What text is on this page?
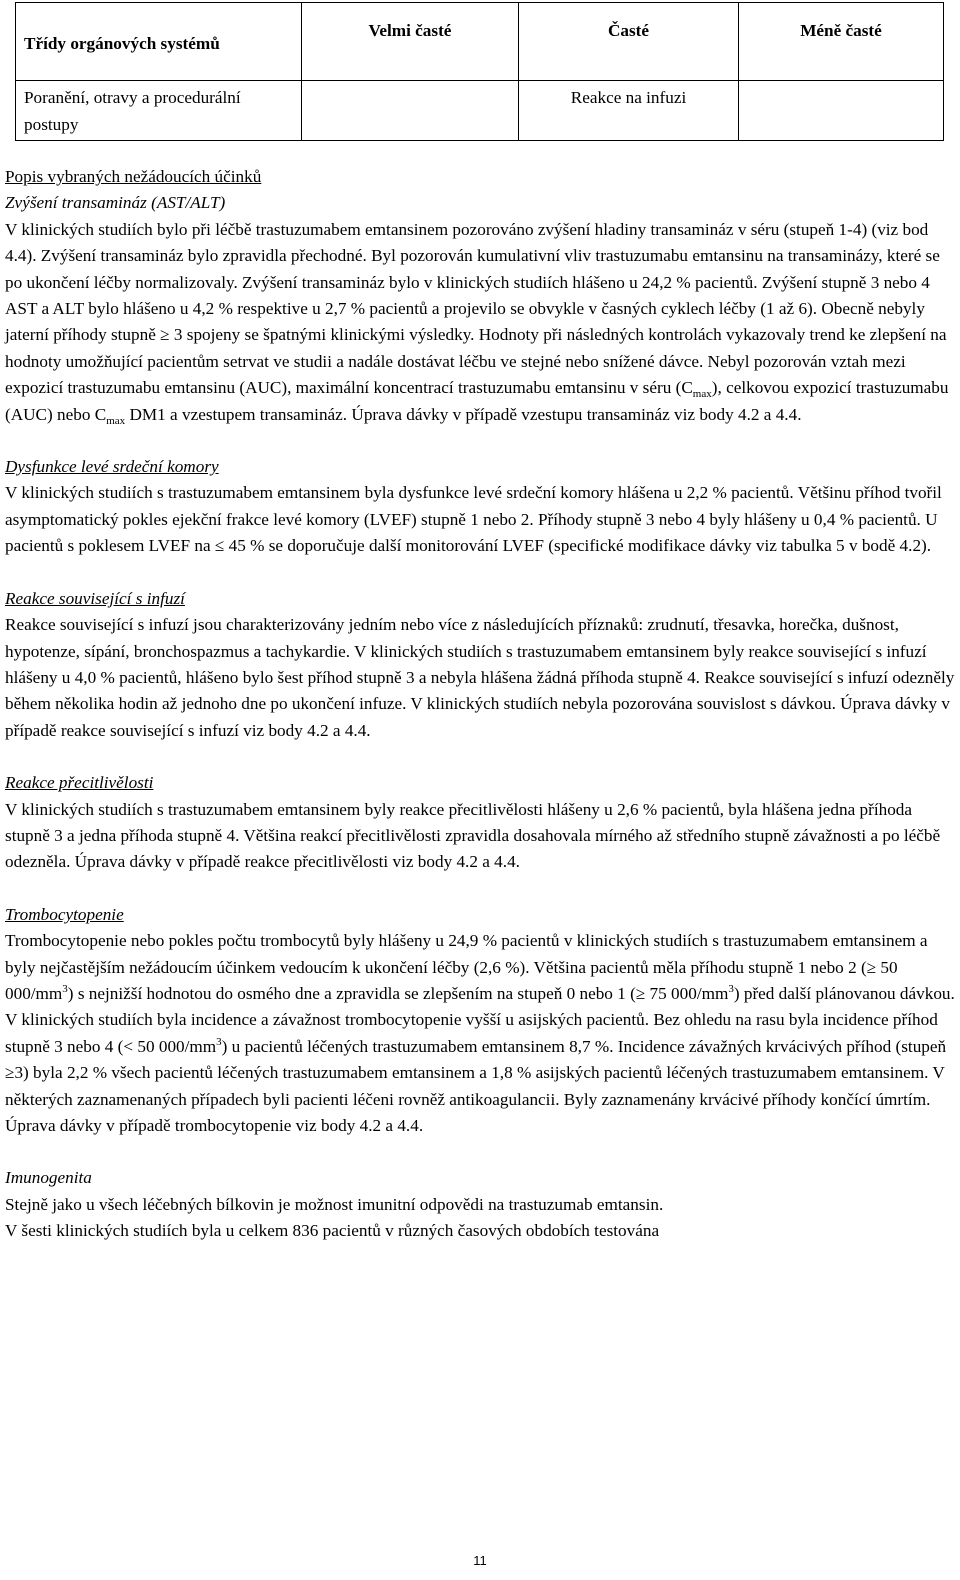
Třídy orgánových systémů	Velmi časté	Časté	Méně časté
Poranění, otravy a procedurální postupy		Reakce na infuzi	

Popis vybraných nežádoucích účinků

Zvýšení transamináz (AST/ALT)

V klinických studiích bylo při léčbě trastuzumabem emtansinem pozorováno zvýšení hladiny transamináz v séru (stupeň 1-4) (viz bod 4.4). Zvýšení transamináz bylo zpravidla přechodné. Byl pozorován kumulativní vliv trastuzumabu emtansinu na transaminázy, které se po ukončení léčby normalizovaly. Zvýšení transamináz bylo v klinických studiích hlášeno u 24,2 % pacientů. Zvýšení stupně 3 nebo 4 AST a ALT bylo hlášeno u 4,2 % respektive u 2,7 % pacientů a projevilo se obvykle v časných cyklech léčby (1 až 6). Obecně nebyly jaterní příhody stupně ≥ 3 spojeny se špatnými klinickými výsledky. Hodnoty při následných kontrolách vykazovaly trend ke zlepšení na hodnoty umožňující pacientům setrvat ve studii a nadále dostávat léčbu ve stejné nebo snížené dávce. Nebyl pozorován vztah mezi expozicí trastuzumabu emtansinu (AUC), maximální koncentrací trastuzumabu emtansinu v séru $(C_{max})$, celkovou expozicí trastuzumabu (AUC) nebo $C_{max}$ DM1 a vzestupem transamináz. Úprava dávky v případě vzestupu transamináz viz body 4.2 a 4.4.

Dysfunkce levé srdeční komory

V klinických studiích s trastuzumabem emtansinem byla dysfunkce levé srdeční komory hlášena u 2,2 % pacientů. Většinu příhod tvořil asymptomatický pokles ejekční frakce levé komory (LVEF) stupně 1 nebo 2. Příhody stupně 3 nebo 4 byly hlášeny u 0,4 % pacientů. U pacientů s poklesem LVEF na ≤ 45 % se doporučuje další monitorování LVEF (specifické modifikace dávky viz tabulka 5 v bodě 4.2).

Reakce související s infuzí

Reakce související s infuzí jsou charakterizovány jedním nebo více z následujících příznaků: zrudnutí, třesavka, horečka, dušnost, hypotenze, sípání, bronchospazmus a tachykardie. V klinických studiích s trastuzumabem emtansinem byly reakce související s infuzí hlášeny u 4,0 % pacientů, hlášeno bylo šest příhod stupně 3 a nebyla hlášena žádná příhoda stupně 4. Reakce související s infuzí odezněly během několika hodin až jednoho dne po ukončení infuze. V klinických studiích nebyla pozorována souvislost s dávkou. Úprava dávky v případě reakce související s infuzí viz body 4.2 a 4.4.

Reakce přecitlivělosti

V klinických studiích s trastuzumabem emtansinem byly reakce přecitlivělosti hlášeny u 2,6 % pacientů, byla hlášena jedna příhoda stupně 3 a jedna příhoda stupně 4. Většina reakcí přecitlivělosti zpravidla dosahovala mírného až středního stupně závažnosti a po léčbě odezněla. Úprava dávky v případě reakce přecitlivělosti viz body 4.2 a 4.4.

Trombocytopenie

Trombocytopenie nebo pokles počtu trombocytů byly hlášeny u 24,9 % pacientů v klinických studiích s trastuzumabem emtansinem a byly nejčastějším nežádoucím účinkem vedoucím k ukončení léčby (2,6 %). Většina pacientů měla příhodu stupně 1 nebo 2 (≥ 50 $000/mm^3$) s nejnižší hodnotou do osmého dne a zpravidla se zlepšením na stupeň 0 nebo 1 (≥ 75 $000/mm^3$) před další plánovanou dávkou. V klinických studiích byla incidence a závažnost trombocytopenie vyšší u asijských pacientů. Bez ohledu na rasu byla incidence příhod stupně 3 nebo 4 (< 50 $000/mm^3$) u pacientů léčených trastuzumabem emtansinem 8,7 %. Incidence závažných krvácivých příhod (stupeň ≥3) byla 2,2 % všech pacientů léčených trastuzumabem emtansinem a 1,8 % asijských pacientů léčených trastuzumabem emtansinem. V některých zaznamenaných případech byli pacienti léčeni rovněž antikoagulancii. Byly zaznamenány krvácivé příhody končící úmrtím. Úprava dávky v případě trombocytopenie viz body 4.2 a 4.4.

Imunogenita

Stejně jako u všech léčebných bílkovin je možnost imunitní odpovědi na trastuzumab emtansin.

V šesti klinických studiích byla u celkem 836 pacientů v různých časových obdobích testována

11
